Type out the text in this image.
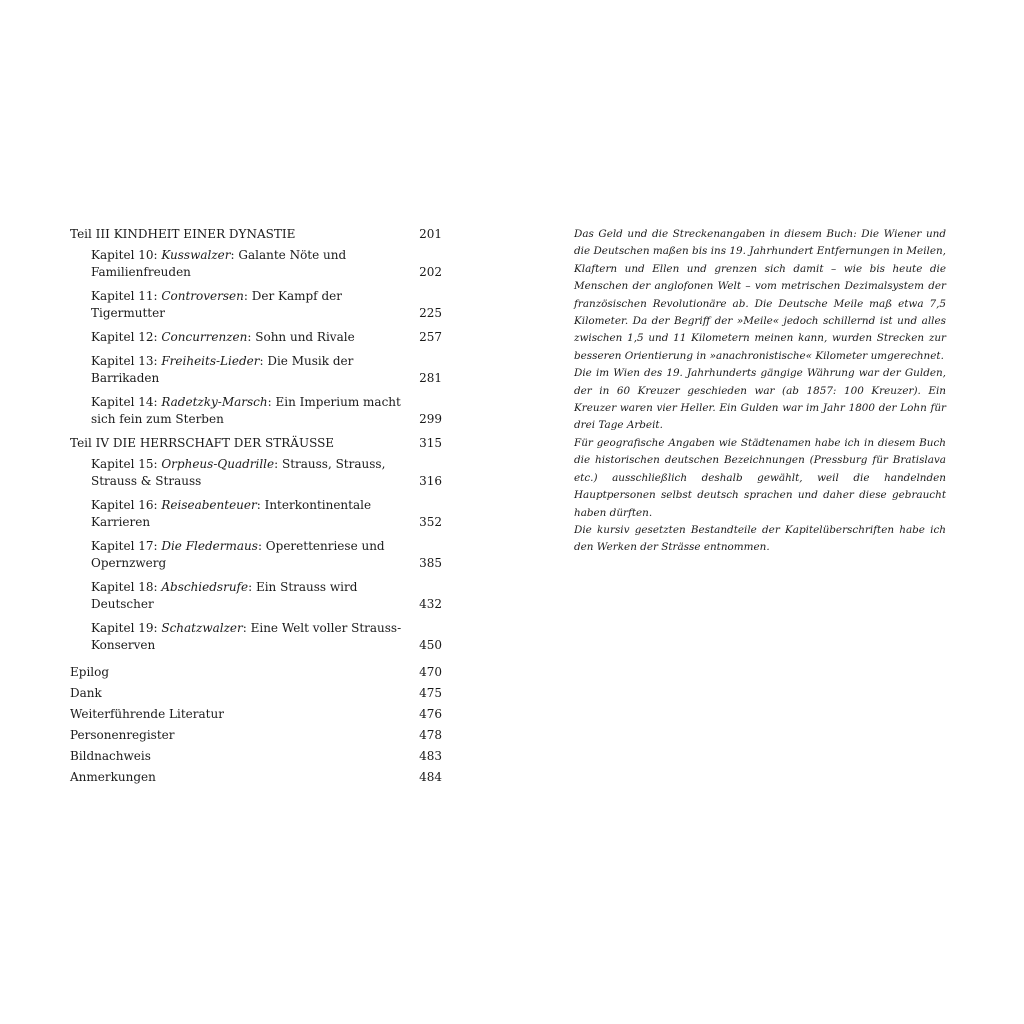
Teil III KINDHEIT EINER DYNASTIE	201
Kapitel 10: Kusswalzer: Galante Nöte und Familienfreuden	202
Kapitel 11: Controversen: Der Kampf der Tigermutter	225
Kapitel 12: Concurrenzen: Sohn und Rivale	257
Kapitel 13: Freiheits-Lieder: Die Musik der Barrikaden	281
Kapitel 14: Radetzky-Marsch: Ein Imperium macht sich fein zum Sterben	299
Teil IV DIE HERRSCHAFT DER STRÄUSSE	315
Kapitel 15: Orpheus-Quadrille: Strauss, Strauss, Strauss & Strauss	316
Kapitel 16: Reiseabenteuer: Interkontinentale Karrieren	352
Kapitel 17: Die Fledermaus: Operettenriese und Opernzwerg	385
Kapitel 18: Abschiedsrufe: Ein Strauss wird Deutscher	432
Kapitel 19: Schatzwalzer: Eine Welt voller Strauss-Konserven	450
Epilog	470
Dank	475
Weiterführende Literatur	476
Personenregister	478
Bildnachweis	483
Anmerkungen	484

Das Geld und die Streckenangaben in diesem Buch: Die Wiener und die Deutschen maßen bis ins 19. Jahrhundert Entfernungen in Meilen, Klaftern und Ellen und grenzen sich damit – wie bis heute die Menschen der anglofonen Welt – vom metrischen Dezimalsystem der französischen Revolutionäre ab. Die Deutsche Meile maß etwa 7,5 Kilometer. Da der Begriff der »Meile« jedoch schillernd ist und alles zwischen 1,5 und 11 Kilometern meinen kann, wurden Strecken zur besseren Orientierung in »anachronistische« Kilometer umgerechnet.

Die im Wien des 19. Jahrhunderts gängige Währung war der Gulden, der in 60 Kreuzer geschieden war (ab 1857: 100 Kreuzer). Ein Kreuzer waren vier Heller. Ein Gulden war im Jahr 1800 der Lohn für drei Tage Arbeit.

Für geografische Angaben wie Städtenamen habe ich in diesem Buch die historischen deutschen Bezeichnungen (Pressburg für Bratislava etc.) ausschließlich deshalb gewählt, weil die handelnden Hauptpersonen selbst deutsch sprachen und daher diese gebraucht haben dürften.

Die kursiv gesetzten Bestandteile der Kapitelüberschriften habe ich den Werken der Strässe entnommen.
